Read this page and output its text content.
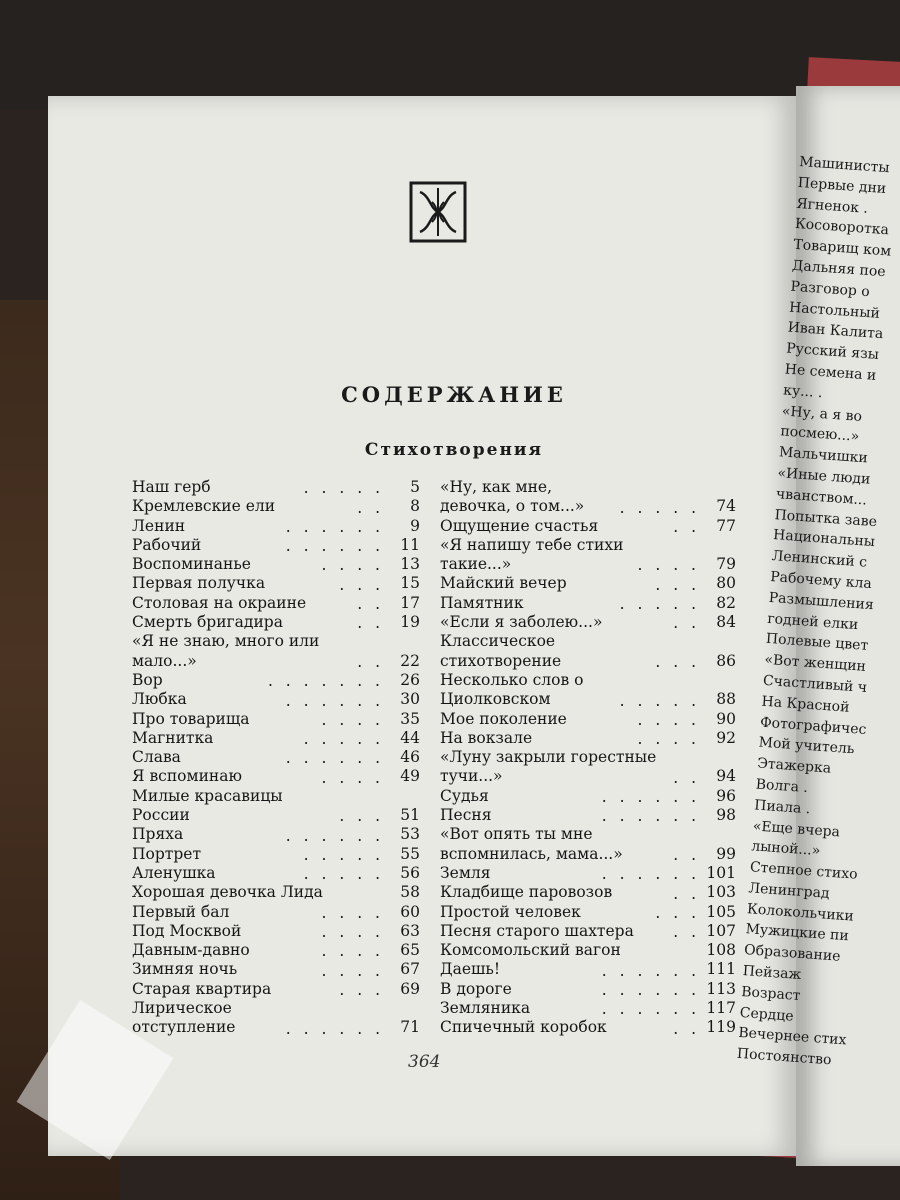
СОДЕРЖАНИЕ
Стихотворения
Наш герб	. . . . .	5
Кремлевские ели	. .	8
Ленин	. . . . . .	9
Рабочий	. . . . . .	11
Воспоминанье	. . . .	13
Первая получка	. . .	15
Столовая на окраине	. .	17
Смерть бригадира	. .	19
«Я не знаю, много или мало...»	. .	22
Вор	. . . . . . .	26
Любка	. . . . . .	30
Про товарища	. . . .	35
Магнитка	. . . . .	44
Слава	. . . . . .	46
Я вспоминаю	. . . .	49
Милые красавицы России	. . .	51
Пряха	. . . . . .	53
Портрет	. . . . .	55
Аленушка	. . . . .	56
Хорошая девочка Лида	58
Первый бал	. . . .	60
Под Москвой	. . . .	63
Давным-давно	. . . .	65
Зимняя ночь	. . . .	67
Старая квартира	. . .	69
Лирическое отступление	. . . . . .	71
«Ну, как мне, девочка, о том...»	. . . . .	74
Ощущение счастья	. .	77
«Я напишу тебе стихи такие...»	. . . .	79
Майский вечер	. . .	80
Памятник	. . . . .	82
«Если я заболею...»	. .	84
Классическое стихотворение	. . .	86
Несколько слов о Циолковском	. . . . .	88
Мое поколение	. . . .	90
На вокзале	. . . .	92
«Луну закрыли горестные тучи...»	. .	94
Судья	. . . . . .	96
Песня	. . . . . .	98
«Вот опять ты мне вспомнилась, мама...»	. .	99
Земля	. . . . . . 101
Кладбище паровозов	. . 103
Простой человек	. . . 105
Песня старого шахтера	. . 107
Комсомольский вагон	108
Даешь!	. . . . . . 111
В дороге	. . . . . . 113
Земляника	. . . . . . 117
Спичечный коробок	. . 119
364
Машинисты
Первые дни
Ягненок .
Косоворотка
Товарищ ком
Дальняя пое
Разговор о
Настольный
Иван Калита
Русский язы
Не семена и
ку... .
«Ну, а я во
посмею...»
Мальчишки
«Иные люди
чванством...
Попытка заве
Национальны
Ленинский с
Рабочему кла
Размышления
годней елки
Полевые цвет
«Вот женщин
Счастливый ч
На Красной
Фотографичес
Мой учитель
Этажерка
Волга .
Пиала .
«Еще вчера
лыной...»
Степное стихо
Ленинград
Колокольчики
Мужицкие пи
Образование
Пейзаж
Возраст
Сердце
Вечернее стих
Постоянство
